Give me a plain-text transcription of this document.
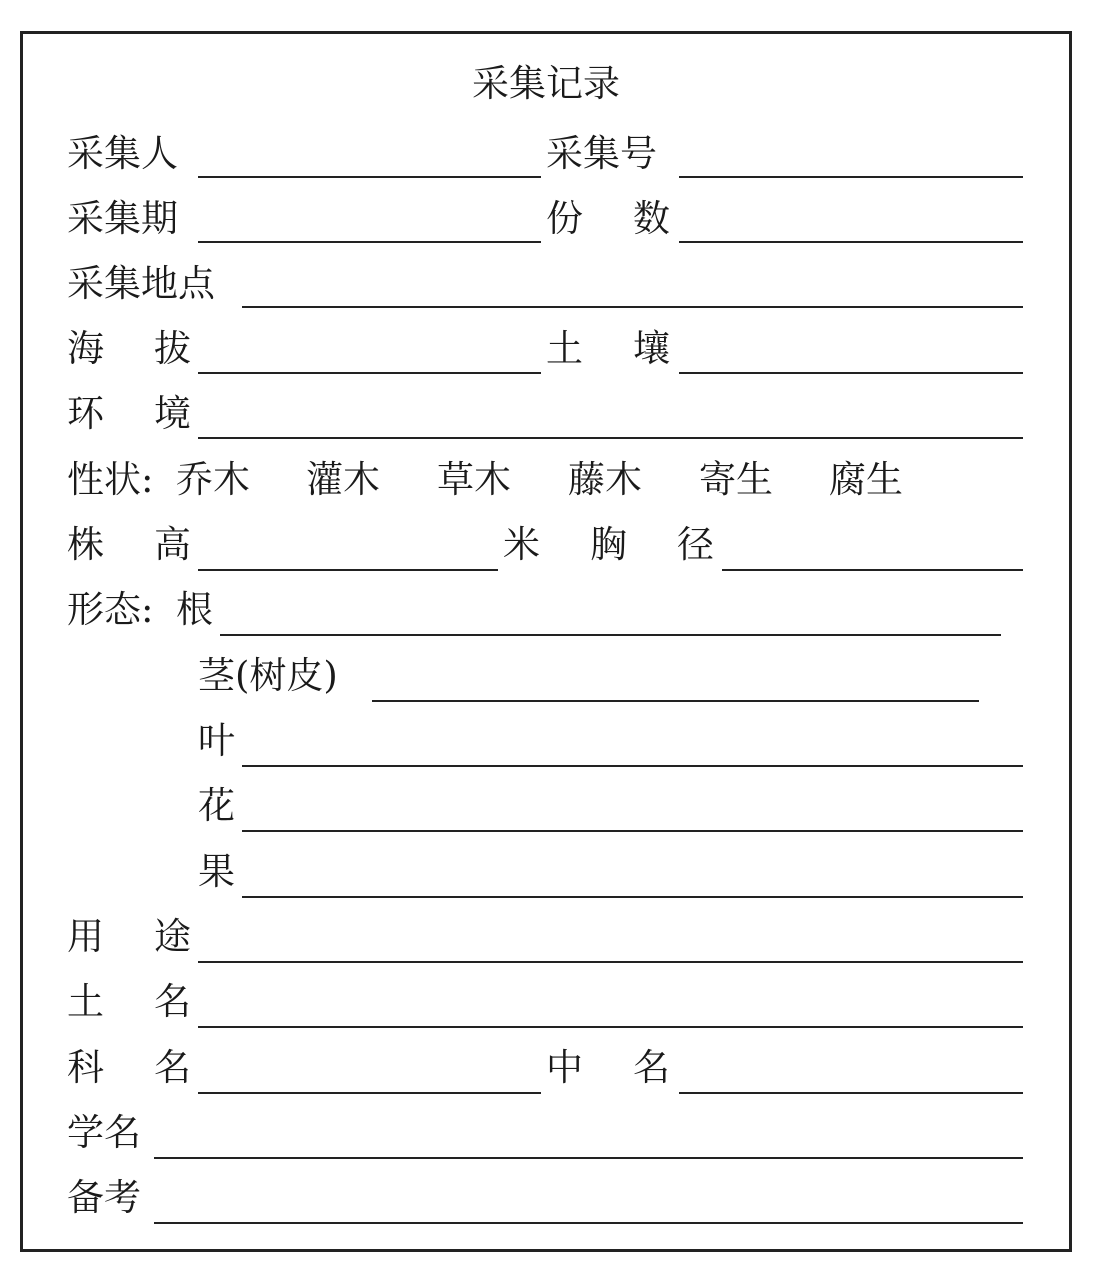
采集记录
采集人	采集号
采集期	份 数
采集地点
海 拔	土 壤
环 境
性状: 乔木 灌木 草木 藤木 寄生 腐生
株 高	米 胸 径
形态: 根
茎(树皮)
叶
花
果
用 途
土 名
科 名	中 名
学名
备考
